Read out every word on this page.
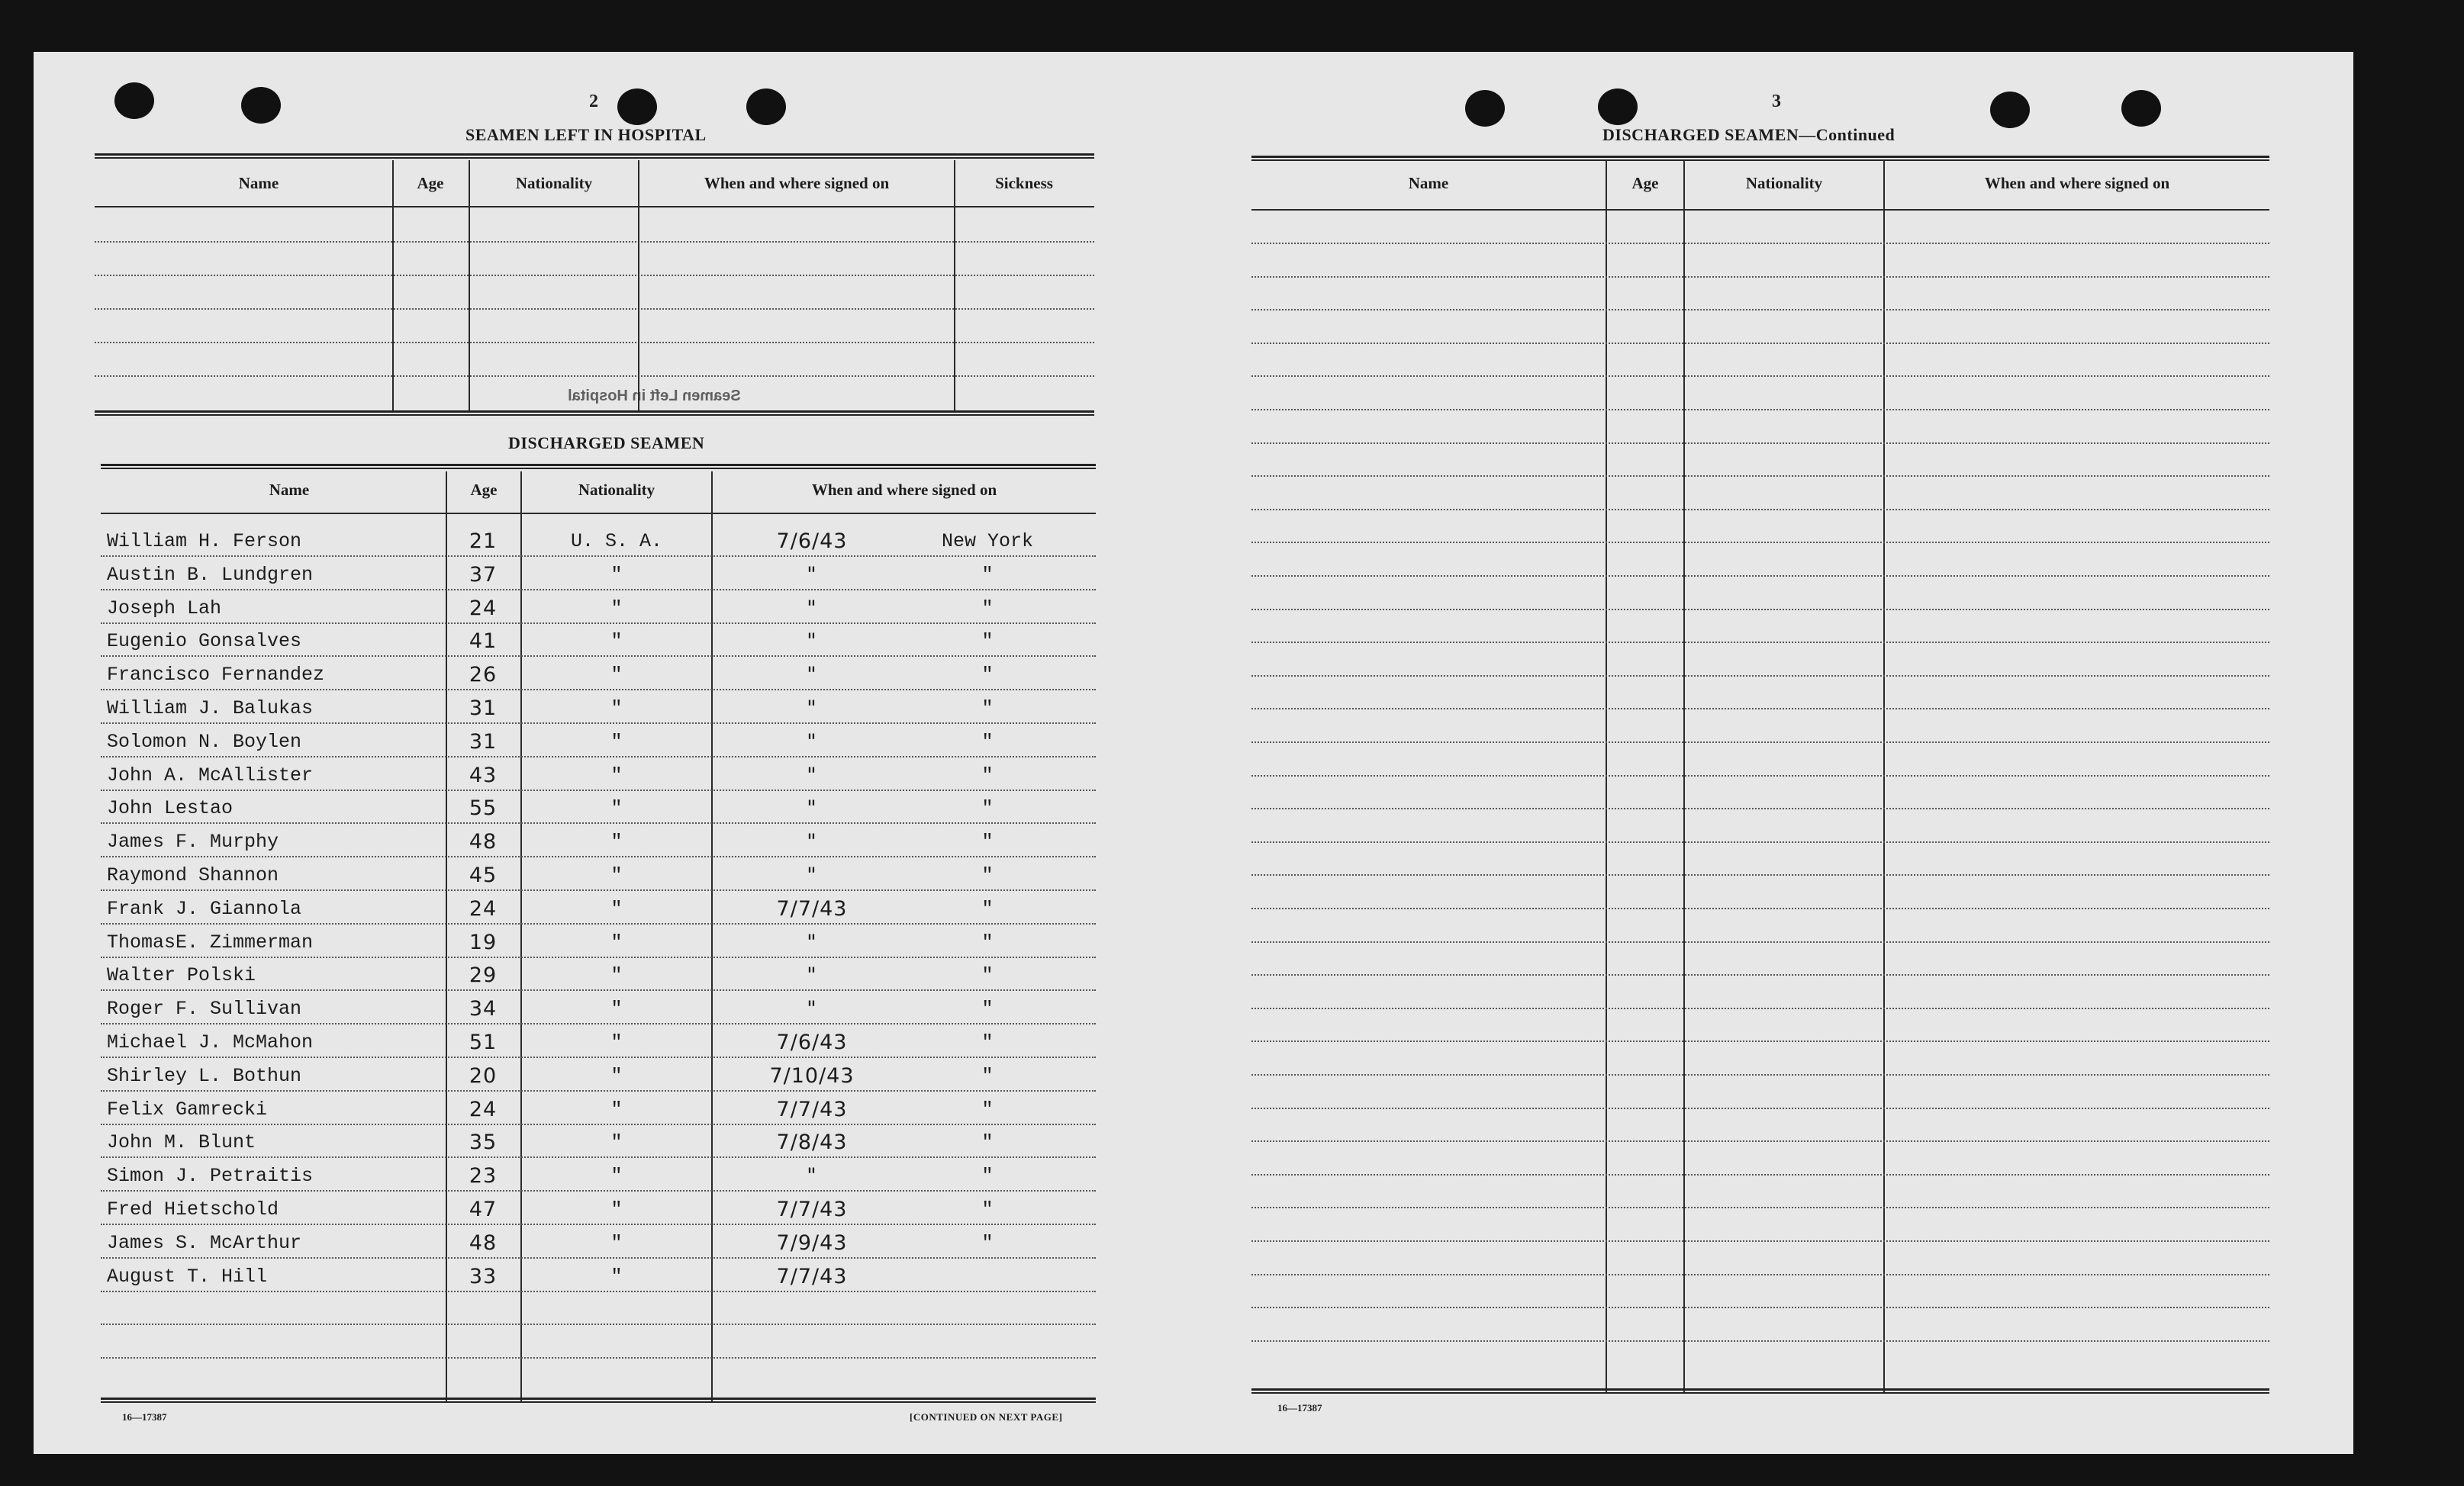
2
SEAMEN LEFT IN HOSPITAL
Name	Age	Nationality	When and where signed on	Sickness
Seamen Left in Hospital
DISCHARGED SEAMEN
Name	Age	Nationality	When and where signed on
William H. Ferson	21	U. S. A.	7/6/43	New York
Austin B. Lundgren	37	"	"	"
Joseph Lah	24	"	"	"
Eugenio Gonsalves	41	"	"	"
Francisco Fernandez	26	"	"	"
William J. Balukas	31	"	"	"
Solomon N. Boylen	31	"	"	"
John A. McAllister	43	"	"	"
John Lestao	55	"	"	"
James F. Murphy	48	"	"	"
Raymond Shannon	45	"	"	"
Frank J. Giannola	24	"	7/7/43	"
ThomasE. Zimmerman	19	"	"	"
Walter Polski	29	"	"	"
Roger F. Sullivan	34	"	"	"
Michael J. McMahon	51	"	7/6/43	"
Shirley L. Bothun	20	"	7/10/43	"
Felix Gamrecki	24	"	7/7/43	"
John M. Blunt	35	"	7/8/43	"
Simon J. Petraitis	23	"	"	"
Fred Hietschold	47	"	7/7/43	"
James S. McArthur	48	"	7/9/43	"
August T. Hill	33	"	7/7/43
16—17387	[CONTINUED ON NEXT PAGE]
3
DISCHARGED SEAMEN—Continued
Name	Age	Nationality	When and where signed on
16—17387
